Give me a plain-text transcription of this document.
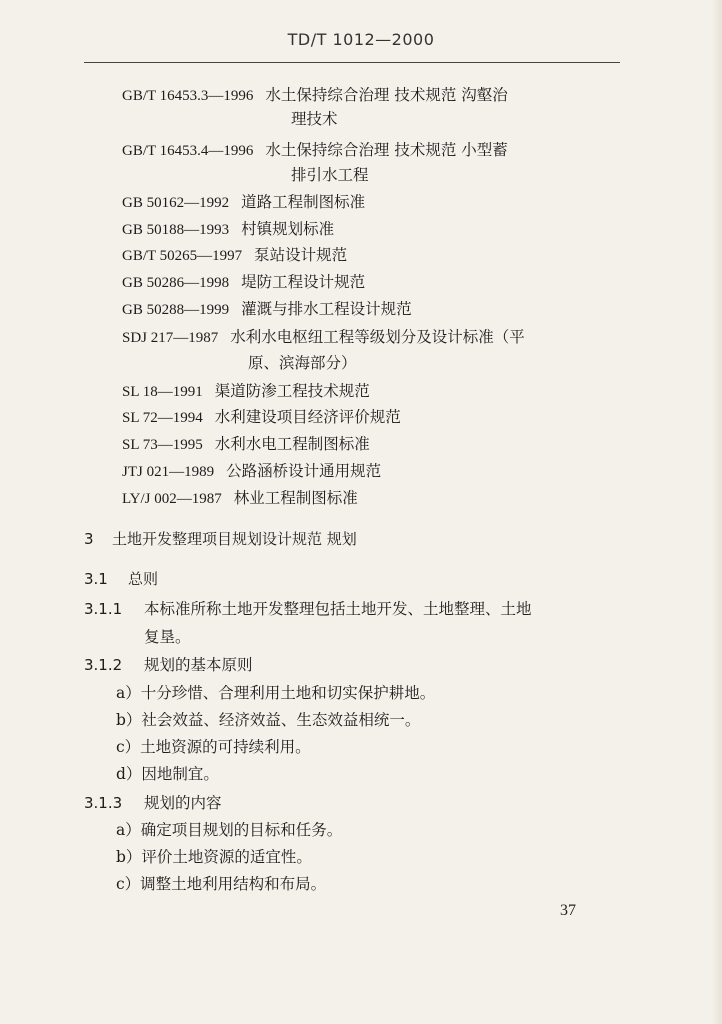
TD/T 1012—2000
GB/T 16453.3—1996 水土保持综合治理 技术规范 沟壑治
理技术
GB/T 16453.4—1996 水土保持综合治理 技术规范 小型蓄
排引水工程
GB 50162—1992 道路工程制图标准
GB 50188—1993 村镇规划标准
GB/T 50265—1997 泵站设计规范
GB 50286—1998 堤防工程设计规范
GB 50288—1999 灌溉与排水工程设计规范
SDJ 217—1987 水利水电枢纽工程等级划分及设计标准（平
原、滨海部分）
SL 18—1991 渠道防渗工程技术规范
SL 72—1994 水利建设项目经济评价规范
SL 73—1995 水利水电工程制图标准
JTJ 021—1989 公路涵桥设计通用规范
LY/J 002—1987 林业工程制图标准
3 土地开发整理项目规划设计规范 规划
3.1 总则
3.1.1 本标准所称土地开发整理包括土地开发、土地整理、土地
复垦。
3.1.2 规划的基本原则
a）十分珍惜、合理利用土地和切实保护耕地。
b）社会效益、经济效益、生态效益相统一。
c）土地资源的可持续利用。
d）因地制宜。
3.1.3 规划的内容
a）确定项目规划的目标和任务。
b）评价土地资源的适宜性。
c）调整土地利用结构和布局。
37
